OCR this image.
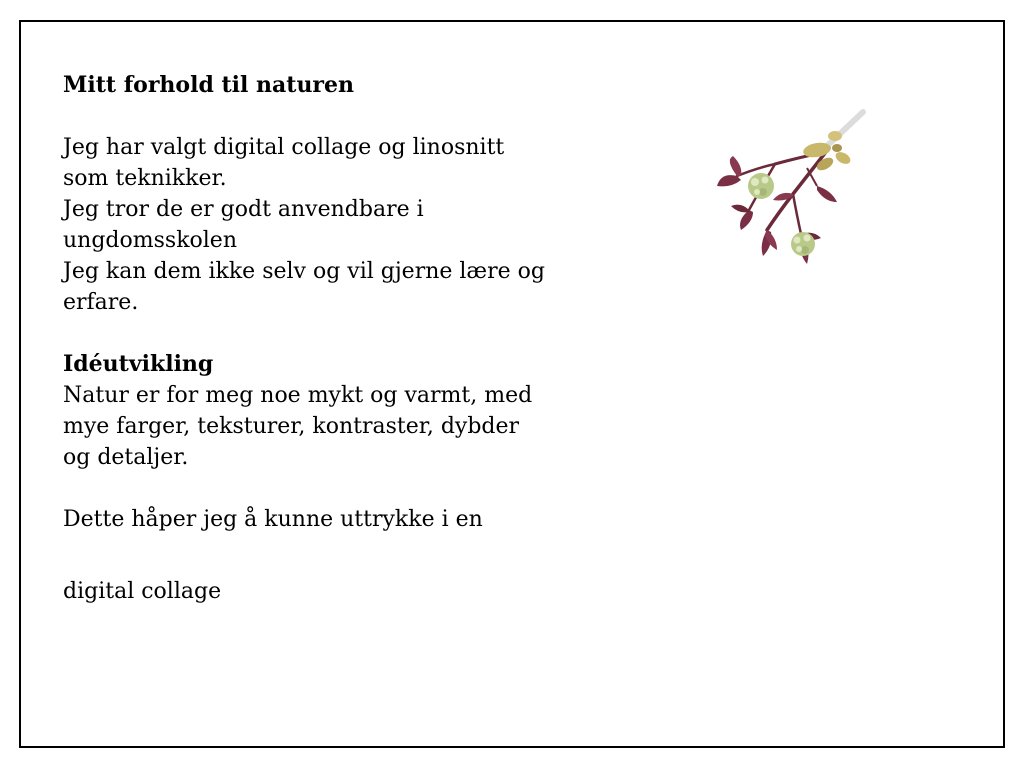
Mitt forhold til naturen
Jeg har valgt digital collage og linosnitt
som teknikker.
Jeg tror de er godt anvendbare i
ungdomsskolen
Jeg kan dem ikke selv og vil gjerne lære og
erfare.
Idéutvikling
Natur er for meg noe mykt og varmt, med
mye farger, teksturer, kontraster, dybder
og detaljer.
Dette håper jeg å kunne uttrykke i en
digital collage
